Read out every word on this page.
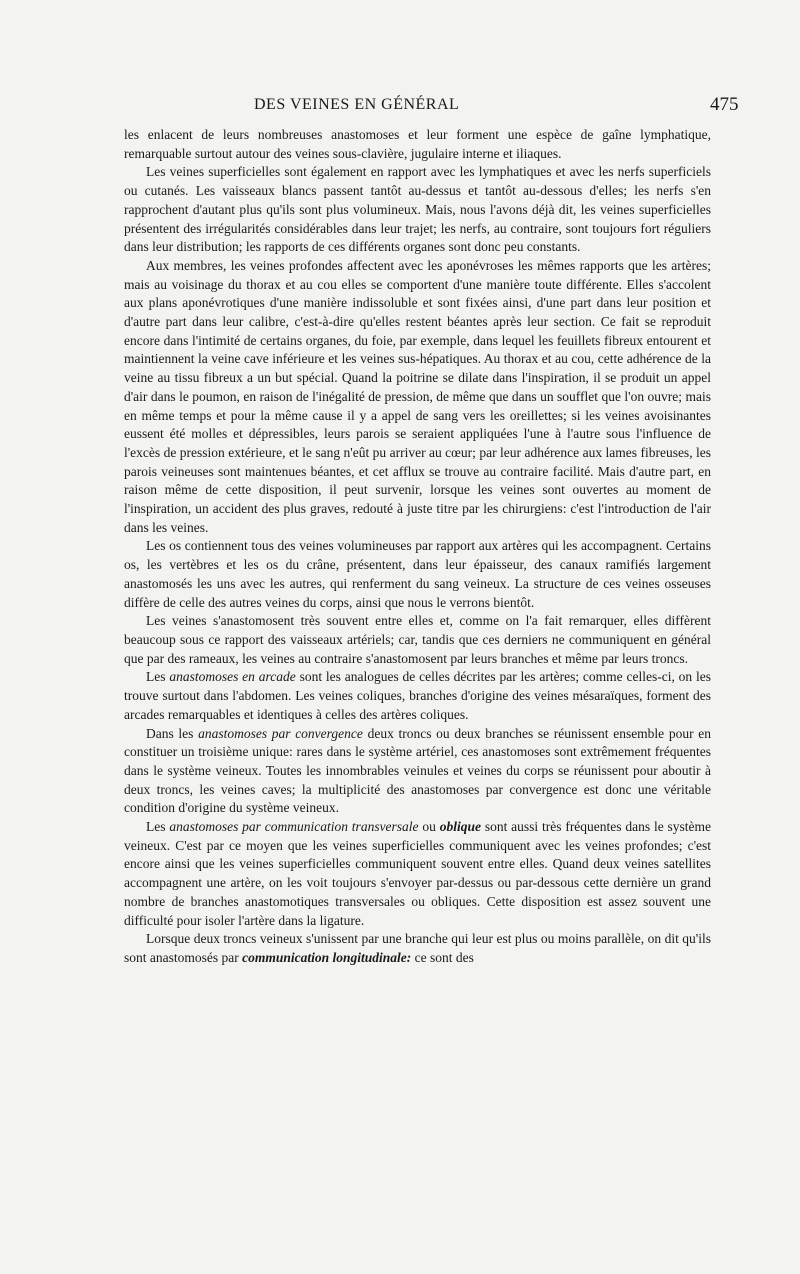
DES VEINES EN GÉNÉRAL	475

les enlacent de leurs nombreuses anastomoses et leur forment une espèce de gaîne lymphatique, remarquable surtout autour des veines sous-clavière, jugulaire interne et iliaques.

Les veines superficielles sont également en rapport avec les lymphatiques et avec les nerfs superficiels ou cutanés. Les vaisseaux blancs passent tantôt au-dessus et tantôt au-dessous d'elles; les nerfs s'en rapprochent d'autant plus qu'ils sont plus volumineux. Mais, nous l'avons déjà dit, les veines superficielles présentent des irrégularités considérables dans leur trajet; les nerfs, au contraire, sont toujours fort réguliers dans leur distribution; les rapports de ces différents organes sont donc peu constants.

Aux membres, les veines profondes affectent avec les aponévroses les mêmes rapports que les artères; mais au voisinage du thorax et au cou elles se comportent d'une manière toute différente. Elles s'accolent aux plans aponévrotiques d'une manière indissoluble et sont fixées ainsi, d'une part dans leur position et d'autre part dans leur calibre, c'est-à-dire qu'elles restent béantes après leur section. Ce fait se reproduit encore dans l'intimité de certains organes, du foie, par exemple, dans lequel les feuillets fibreux entourent et maintiennent la veine cave inférieure et les veines sus-hépatiques. Au thorax et au cou, cette adhérence de la veine au tissu fibreux a un but spécial. Quand la poitrine se dilate dans l'inspiration, il se produit un appel d'air dans le poumon, en raison de l'inégalité de pression, de même que dans un soufflet que l'on ouvre; mais en même temps et pour la même cause il y a appel de sang vers les oreillettes; si les veines avoisinantes eussent été molles et dépressibles, leurs parois se seraient appliquées l'une à l'autre sous l'influence de l'excès de pression extérieure, et le sang n'eût pu arriver au cœur; par leur adhérence aux lames fibreuses, les parois veineuses sont maintenues béantes, et cet afflux se trouve au contraire facilité. Mais d'autre part, en raison même de cette disposition, il peut survenir, lorsque les veines sont ouvertes au moment de l'inspiration, un accident des plus graves, redouté à juste titre par les chirurgiens: c'est l'introduction de l'air dans les veines.

Les os contiennent tous des veines volumineuses par rapport aux artères qui les accompagnent. Certains os, les vertèbres et les os du crâne, présentent, dans leur épaisseur, des canaux ramifiés largement anastomosés les uns avec les autres, qui renferment du sang veineux. La structure de ces veines osseuses diffère de celle des autres veines du corps, ainsi que nous le verrons bientôt.

Les veines s'anastomosent très souvent entre elles et, comme on l'a fait remarquer, elles diffèrent beaucoup sous ce rapport des vaisseaux artériels; car, tandis que ces derniers ne communiquent en général que par des rameaux, les veines au contraire s'anastomosent par leurs branches et même par leurs troncs.

Les anastomoses en arcade sont les analogues de celles décrites par les artères; comme celles-ci, on les trouve surtout dans l'abdomen. Les veines coliques, branches d'origine des veines mésaraïques, forment des arcades remarquables et identiques à celles des artères coliques.

Dans les anastomoses par convergence deux troncs ou deux branches se réunissent ensemble pour en constituer un troisième unique: rares dans le système artériel, ces anastomoses sont extrêmement fréquentes dans le système veineux. Toutes les innombrables veinules et veines du corps se réunissent pour aboutir à deux troncs, les veines caves; la multiplicité des anastomoses par convergence est donc une véritable condition d'origine du système veineux.

Les anastomoses par communication transversale ou oblique sont aussi très fréquentes dans le système veineux. C'est par ce moyen que les veines superficielles communiquent avec les veines profondes; c'est encore ainsi que les veines superficielles communiquent souvent entre elles. Quand deux veines satellites accompagnent une artère, on les voit toujours s'envoyer par-dessus ou par-dessous cette dernière un grand nombre de branches anastomotiques transversales ou obliques. Cette disposition est assez souvent une difficulté pour isoler l'artère dans la ligature.

Lorsque deux troncs veineux s'unissent par une branche qui leur est plus ou moins parallèle, on dit qu'ils sont anastomosés par communication longitudinale: ce sont des
